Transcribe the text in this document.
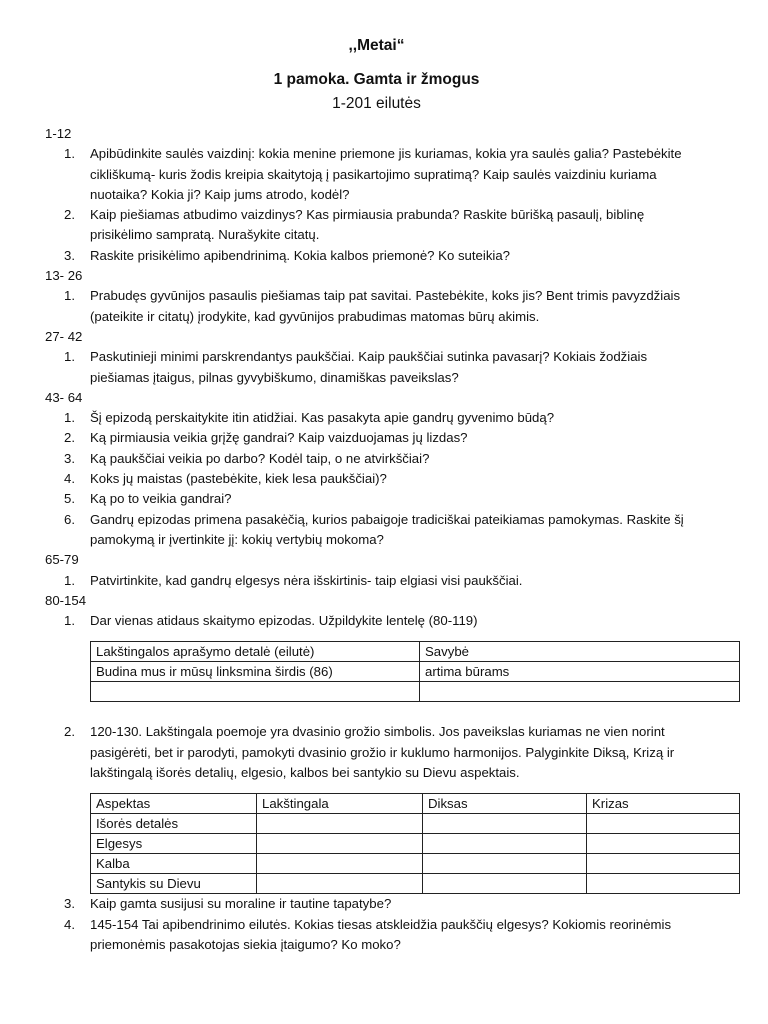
,,Metai“

1 pamoka. Gamta ir žmogus

1-201 eilutės

1-12
1.	Apibūdinkite saulės vaizdinį: kokia menine priemone jis kuriamas, kokia yra saulės galia? Pastebėkite cikliškumą- kuris žodis kreipia skaitytoją į pasikartojimo supratimą? Kaip saulės vaizdiniu kuriama nuotaika? Kokia ji? Kaip jums atrodo, kodėl?
2.	Kaip piešiamas atbudimo vaizdinys? Kas pirmiausia prabunda? Raskite būrišką pasaulį, biblinę prisikėlimo sampratą. Nurašykite citatų.
3.	Raskite prisikėlimo apibendrinimą. Kokia kalbos priemonė? Ko suteikia?
13- 26
1.	Prabudęs gyvūnijos pasaulis piešiamas taip pat savitai. Pastebėkite, koks jis? Bent trimis pavyzdžiais (pateikite ir citatų) įrodykite, kad gyvūnijos prabudimas matomas būrų akimis.
27- 42
1.	Paskutinieji minimi parskrendantys paukščiai. Kaip paukščiai sutinka pavasarį? Kokiais žodžiais piešiamas įtaigus, pilnas gyvybiškumo, dinamiškas paveikslas?
43- 64
1.	Šį epizodą perskaitykite itin atidžiai. Kas pasakyta apie gandrų gyvenimo būdą?
2.	Ką pirmiausia veikia grįžę gandrai? Kaip vaizduojamas jų lizdas?
3.	Ką paukščiai veikia po darbo? Kodėl taip, o ne atvirkščiai?
4.	Koks jų maistas (pastebėkite, kiek lesa paukščiai)?
5.	Ką po to veikia gandrai?
6.	Gandrų epizodas primena pasakėčią, kurios pabaigoje tradiciškai pateikiamas pamokymas. Raskite šį pamokymą ir įvertinkite jį: kokių vertybių mokoma?
65-79
1.	Patvirtinkite, kad gandrų elgesys nėra išskirtinis- taip elgiasi visi paukščiai.
80-154
1.	Dar vienas atidaus skaitymo epizodas. Užpildykite lentelę (80-119)
Lakštingalos aprašymo detalė (eilutė)	Savybė
Budina mus ir mūsų linksmina širdis (86)	artima būrams

2.	120-130. Lakštingala poemoje yra dvasinio grožio simbolis. Jos paveikslas kuriamas ne vien norint pasigėrėti, bet ir parodyti, pamokyti dvasinio grožio ir kuklumo harmonijos. Palyginkite Diksą, Krizą ir lakštingalą išorės detalių, elgesio, kalbos bei santykio su Dievu aspektais.
Aspektas	Lakštingala	Diksas	Krizas
Išorės detalės			
Elgesys			
Kalba			
Santykis su Dievu			
3.	Kaip gamta susijusi su moraline ir tautine tapatybe?
4.	145-154 Tai apibendrinimo eilutės. Kokias tiesas atskleidžia paukščių elgesys? Kokiomis reorinėmis priemonėmis pasakotojas siekia įtaigumo? Ko moko?
